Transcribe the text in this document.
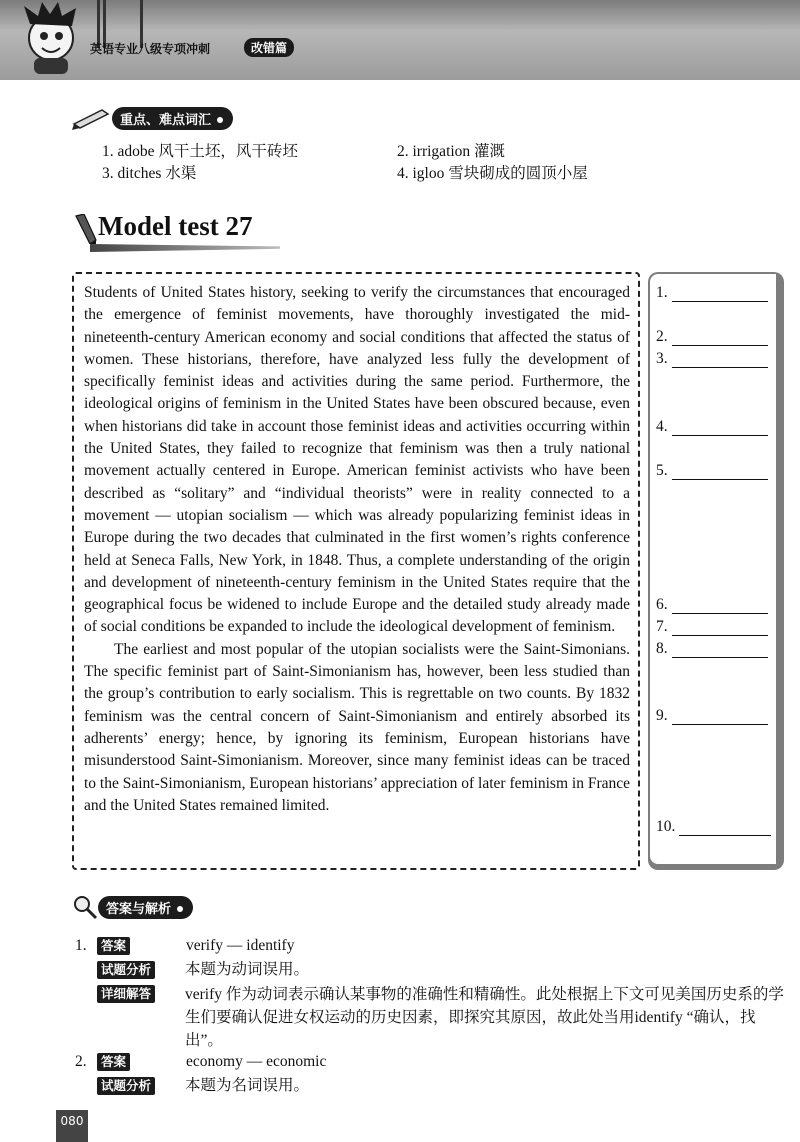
英语专业八级专项冲刺	改错篇
重点、难点词汇
1. adobe 风干土坯，风干砖坯	2. irrigation 灌溉
3. ditches 水渠	4. igloo 雪块砌成的圆顶小屋
Model test 27

Students of United States history, seeking to verify the circumstances that encouraged the emergence of feminist movements, have thoroughly investigated the mid-nineteenth-century American economy and social conditions that affected the status of women. These historians, therefore, have analyzed less fully the development of specifically feminist ideas and activities during the same period. Furthermore, the ideological origins of feminism in the United States have been obscured because, even when historians did take in account those feminist ideas and activities occurring within the United States, they failed to recognize that feminism was then a truly national movement actually centered in Europe. American feminist activists who have been described as “solitary” and “individual theorists” were in reality connected to a movement — utopian socialism — which was already popularizing feminist ideas in Europe during the two decades that culminated in the first women’s rights conference held at Seneca Falls, New York, in 1848. Thus, a complete understanding of the origin and development of nineteenth-century feminism in the United States require that the geographical focus be widened to include Europe and the detailed study already made of social conditions be expanded to include the ideological development of feminism.

The earliest and most popular of the utopian socialists were the Saint-Simonians. The specific feminist part of Saint-Simonianism has, however, been less studied than the group’s contribution to early socialism. This is regrettable on two counts. By 1832 feminism was the central concern of Saint-Simonianism and entirely absorbed its adherents’ energy; hence, by ignoring its feminism, European historians have misunderstood Saint-Simonianism. Moreover, since many feminist ideas can be traced to the Saint-Simonianism, European historians’ appreciation of later feminism in France and the United States remained limited.

1.
2.
3.
4.
5.
6.
7.
8.
9.
10.
答案与解析
1.	答案	verify — identify
试题分析 本题为动词误用。
详细解答 verify 作为动词表示确认某事物的准确性和精确性。此处根据上下文可见美国历史系的学生们要确认促进女权运动的历史因素，即探究其原因，故此处当用identify “确认，找出”。
2.	答案	economy — economic
试题分析 本题为名词误用。
080
